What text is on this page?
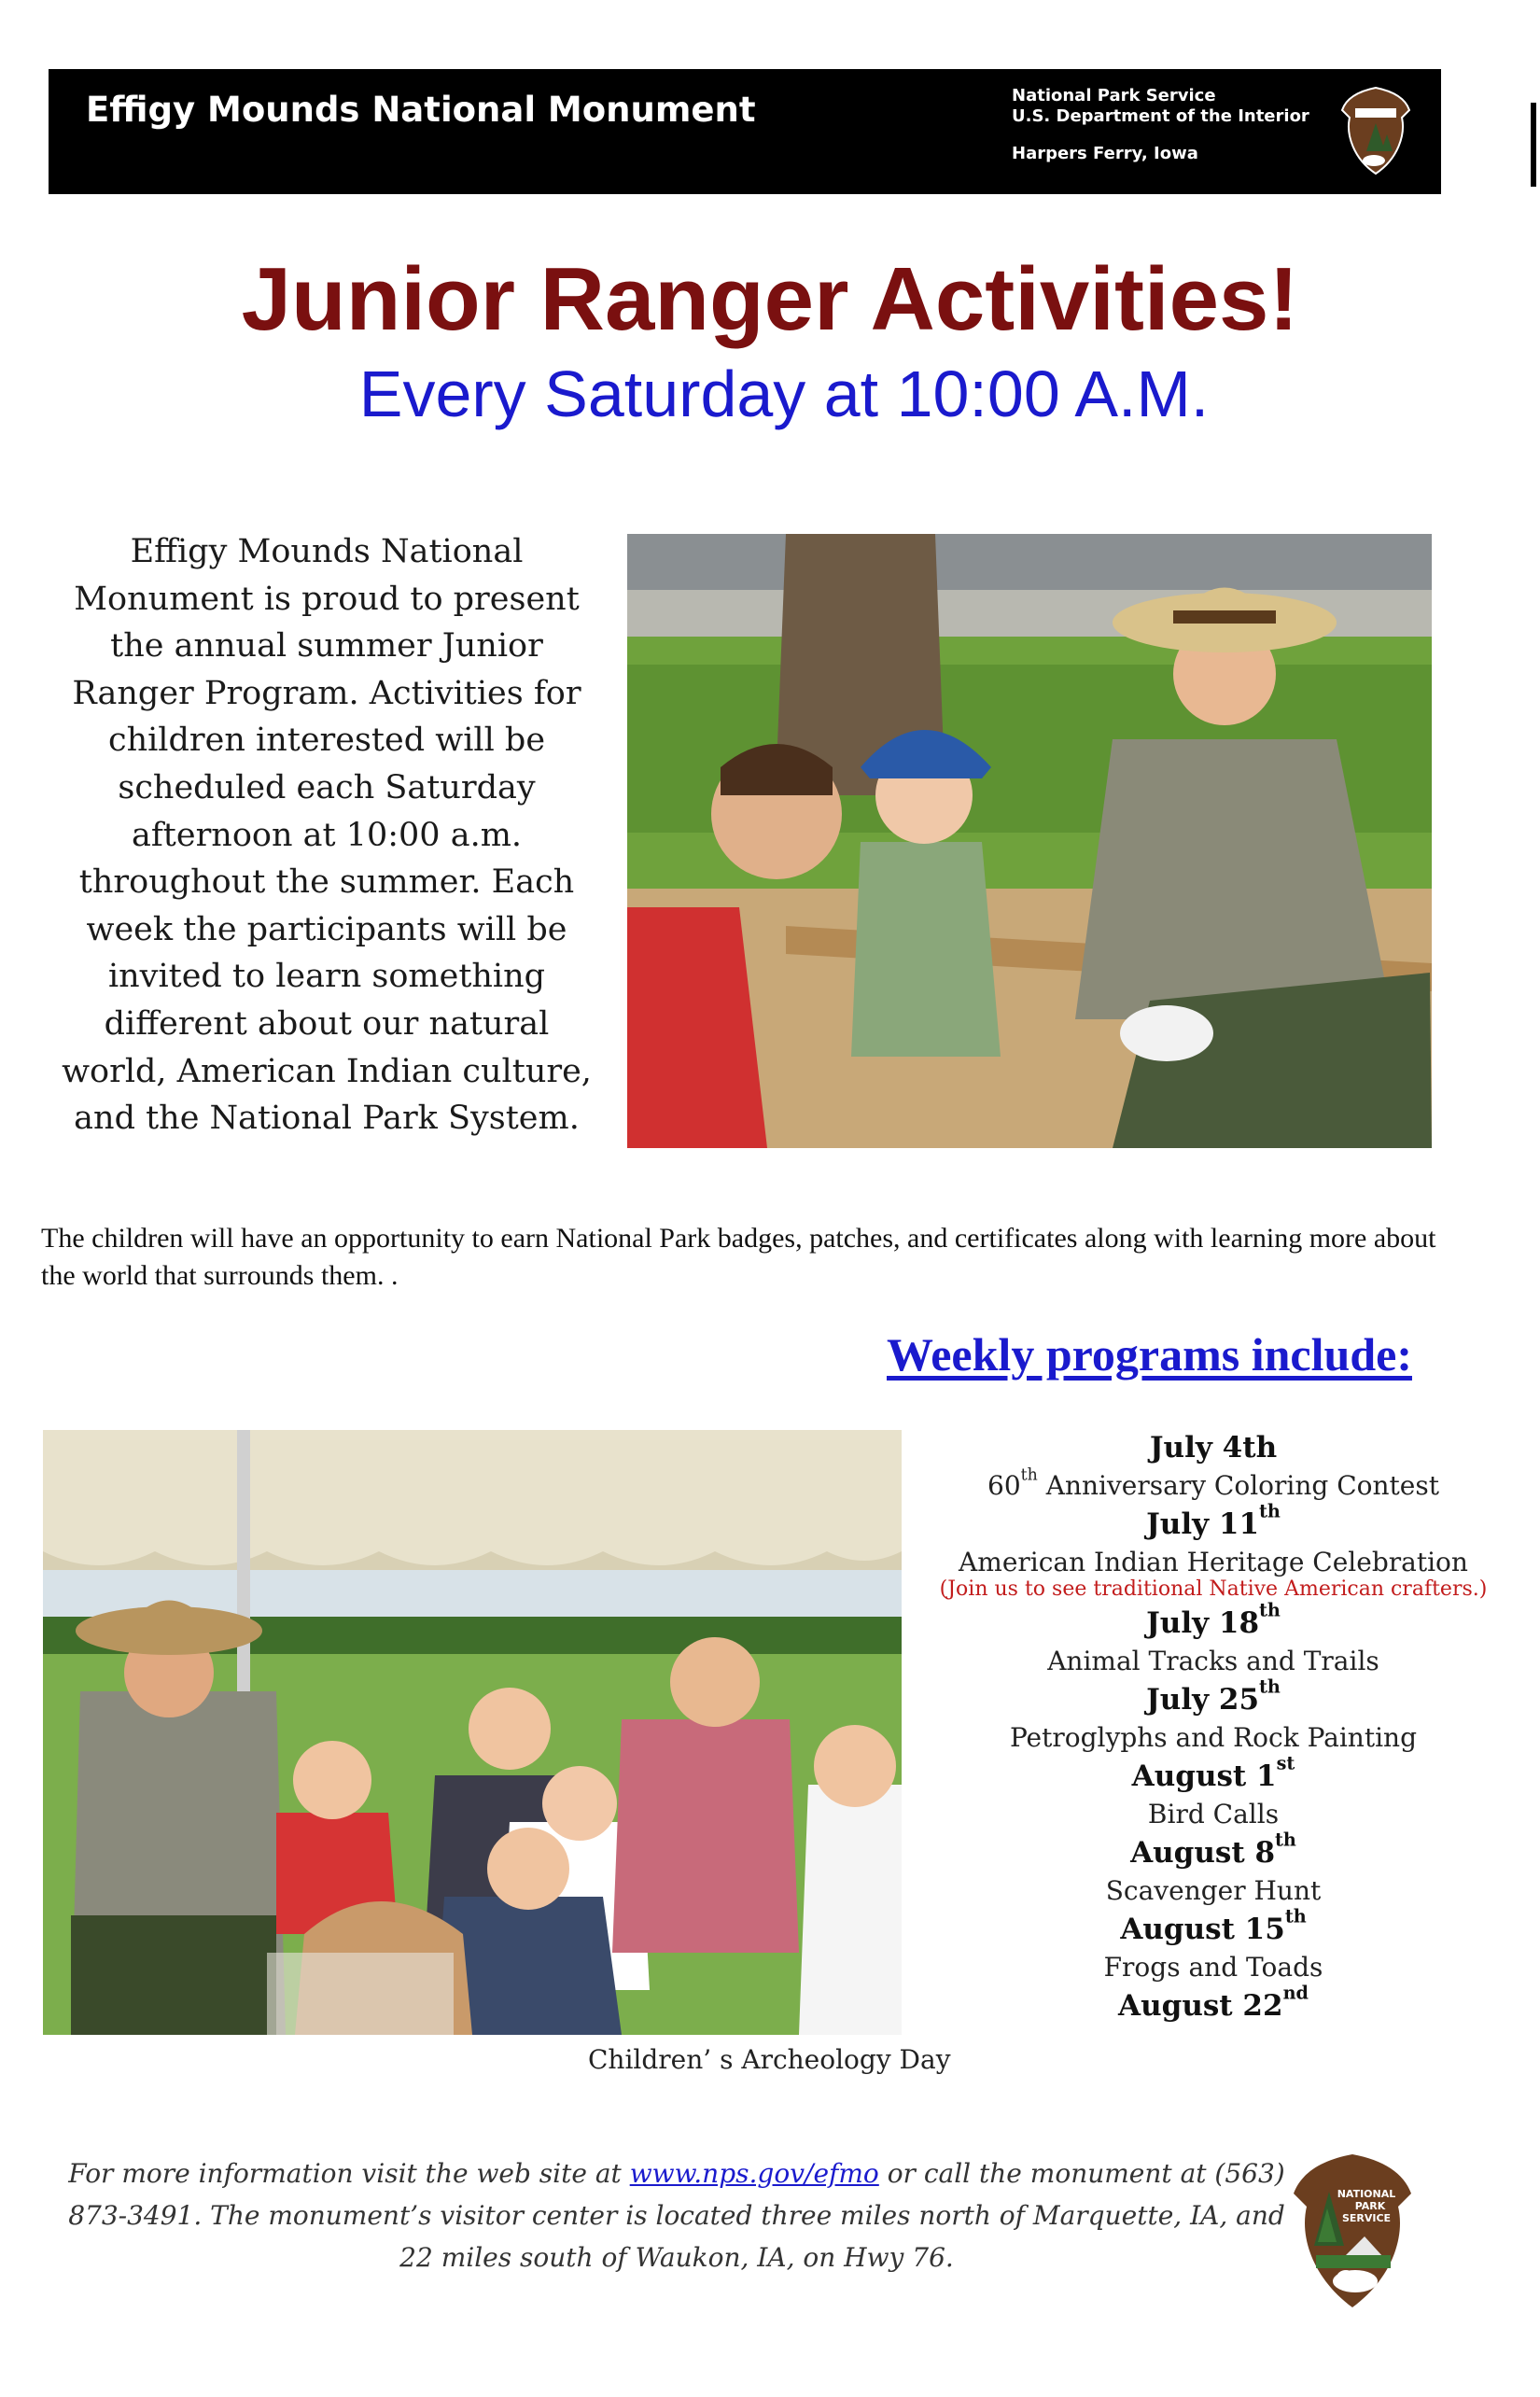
Effigy Mounds National Monument	National Park Service
U.S. Department of the Interior
Harpers Ferry, Iowa
Junior Ranger Activities!
Every Saturday at 10:00 A.M.
Effigy Mounds National Monument is proud to present the annual summer Junior Ranger Program. Activities for children interested will be scheduled each Saturday afternoon at 10:00 a.m. throughout the summer. Each week the participants will be invited to learn something different about our natural world, American Indian culture, and the National Park System.
The children will have an opportunity to earn National Park badges, patches, and certificates along with learning more about the world that surrounds them. .
Weekly programs include:
July 4th
60th Anniversary Coloring Contest
July 11th
American Indian Heritage Celebration
(Join us to see traditional Native American crafters.)
July 18th
Animal Tracks and Trails
July 25th
Petroglyphs and Rock Painting
August 1st
Bird Calls
August 8th
Scavenger Hunt
August 15th
Frogs and Toads
August 22nd
Children’ s Archeology Day
For more information visit the web site at www.nps.gov/efmo or call the monument at (563) 873-3491. The monument’s visitor center is located three miles north of Marquette, IA, and 22 miles south of Waukon, IA, on Hwy 76.
NATIONAL
PARK
SERVICE
